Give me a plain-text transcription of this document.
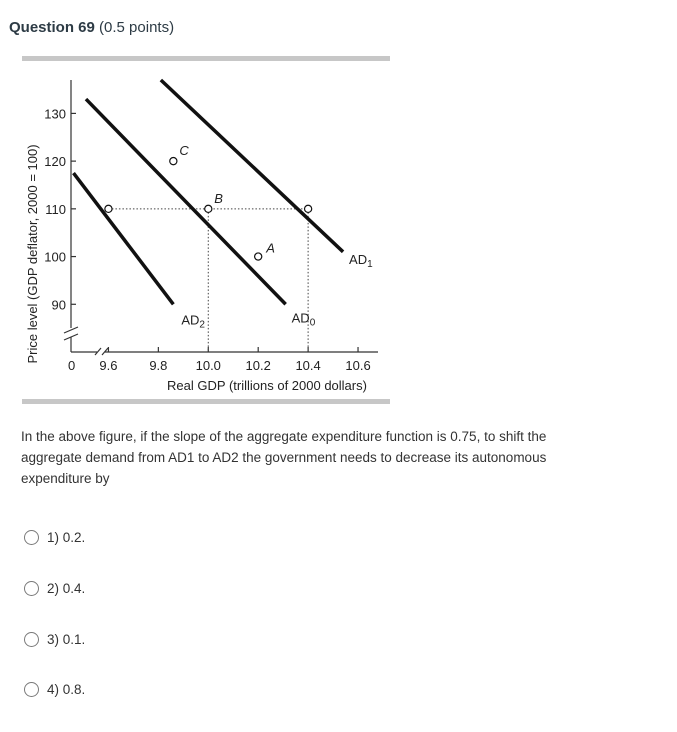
Question 69 (0.5 points)
90
100
110
120
130
9.6 9.8 10.0 10.2 10.4 10.6
$AD_2$	$AD_0$
$AD_1$
C
B
A
0
Real GDP (trillions of 2000 dollars)
Price level (GDP deflator, 2000 = 100)
In the above figure, if the slope of the aggregate expenditure function is 0.75, to shift the aggregate demand from AD1 to AD2 the government needs to decrease its autonomous expenditure by
1) 0.2.
2) 0.4.
3) 0.1.
4) 0.8.
